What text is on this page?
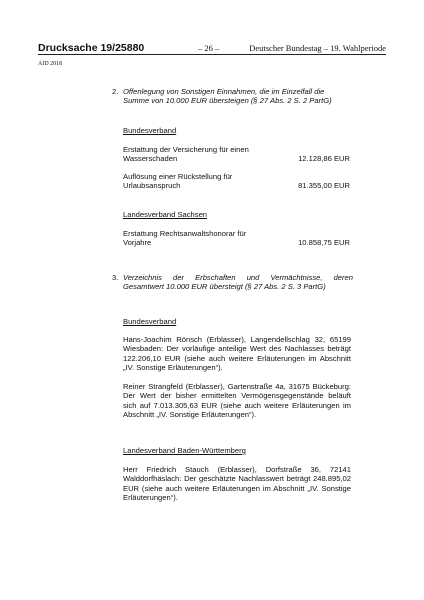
Drucksache 19/25880	– 26 –	Deutscher Bundestag – 19. Wahlperiode
AfD 2018
2. Offenlegung von Sonstigen Einnahmen, die im Einzelfall die
Summe von 10.000 EUR übersteigen (§ 27 Abs. 2 S. 2 PartG)
Bundesverband
Erstattung der Versicherung für einen
Wasserschaden	12.128,86 EUR
Auflösung einer Rückstellung für
Urlaubsanspruch	81.355,00 EUR
Landesverband Sachsen
Erstattung Rechtsanwaltshonorar für
Vorjahre	10.858,75 EUR
3. Verzeichnis der Erbschaften und Vermächtnisse, deren
Gesamtwert 10.000 EUR übersteigt (§ 27 Abs. 2 S. 3 PartG)
Bundesverband
Hans-Joachim Rönsch (Erblasser), Langendellschlag 32, 65199 Wiesbaden: Der vorläufige anteilige Wert des Nachlasses beträgt 122.206,10 EUR (siehe auch weitere Erläuterungen im Abschnitt „IV. Sonstige Erläuterungen“).
Reiner Strangfeld (Erblasser), Gartenstraße 4a, 31675 Bückeburg: Der Wert der bisher ermittelten Vermögensgegenstände beläuft sich auf 7.013.305,63 EUR (siehe auch weitere Erläuterungen im Abschnitt „IV. Sonstige Erläuterungen“).
Landesverband Baden-Württemberg
Herr Friedrich Stauch (Erblasser), Dorfstraße 36, 72141 Walddorfhäslach: Der geschätzte Nachlasswert beträgt 248.895,02 EUR (siehe auch weitere Erläuterungen im Abschnitt „IV. Sonstige Erläuterungen“).
